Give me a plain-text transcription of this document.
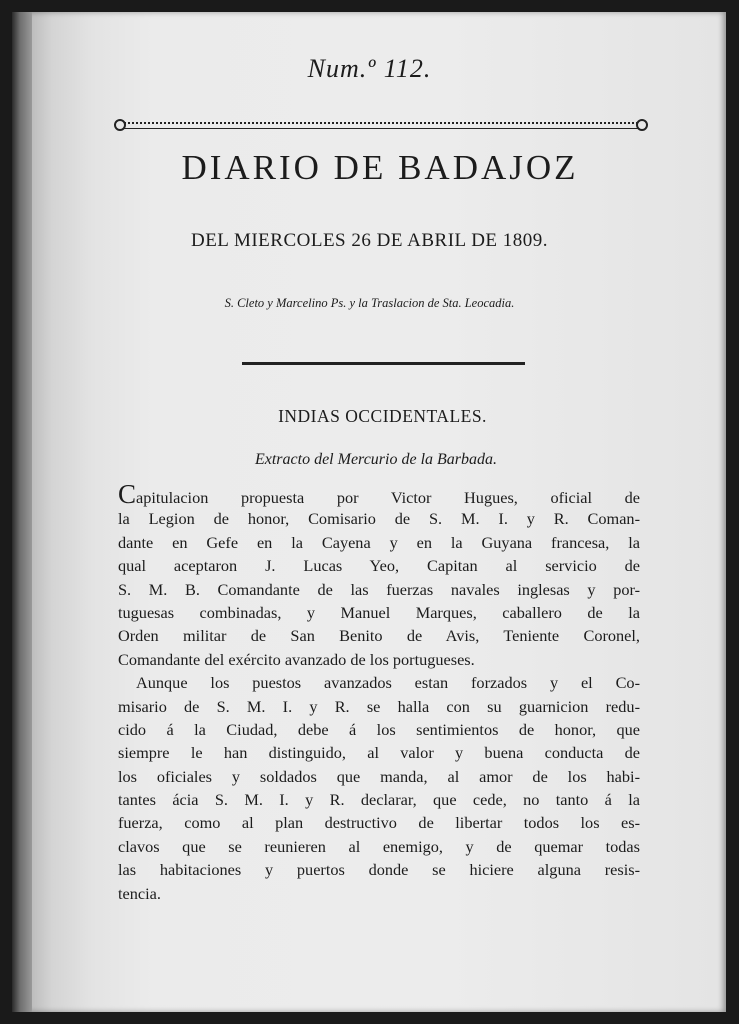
Num.º 112.
DIARIO DE BADAJOZ
DEL MIERCOLES 26 DE ABRIL DE 1809.
S. Cleto y Marcelino Ps. y la Traslacion de Sta. Leocadia.
INDIAS OCCIDENTALES.
Extracto del Mercurio de la Barbada.
Capitulacion propuesta por Victor Hugues, oficial de
la Legion de honor, Comisario de S. M. I. y R. Coman-
dante en Gefe en la Cayena y en la Guyana francesa, la
qual aceptaron J. Lucas Yeo, Capitan al servicio de
S. M. B. Comandante de las fuerzas navales inglesas y por-
tuguesas combinadas, y Manuel Marques, caballero de la
Orden militar de San Benito de Avis, Teniente Coronel,
Comandante del exército avanzado de los portugueses.
Aunque los puestos avanzados estan forzados y el Co-
misario de S. M. I. y R. se halla con su guarnicion redu-
cido á la Ciudad, debe á los sentimientos de honor, que
siempre le han distinguido, al valor y buena conducta de
los oficiales y soldados que manda, al amor de los habi-
tantes ácia S. M. I. y R. declarar, que cede, no tanto á la
fuerza, como al plan destructivo de libertar todos los es-
clavos que se reunieren al enemigo, y de quemar todas
las habitaciones y puertos donde se hiciere alguna resis-
tencia.
